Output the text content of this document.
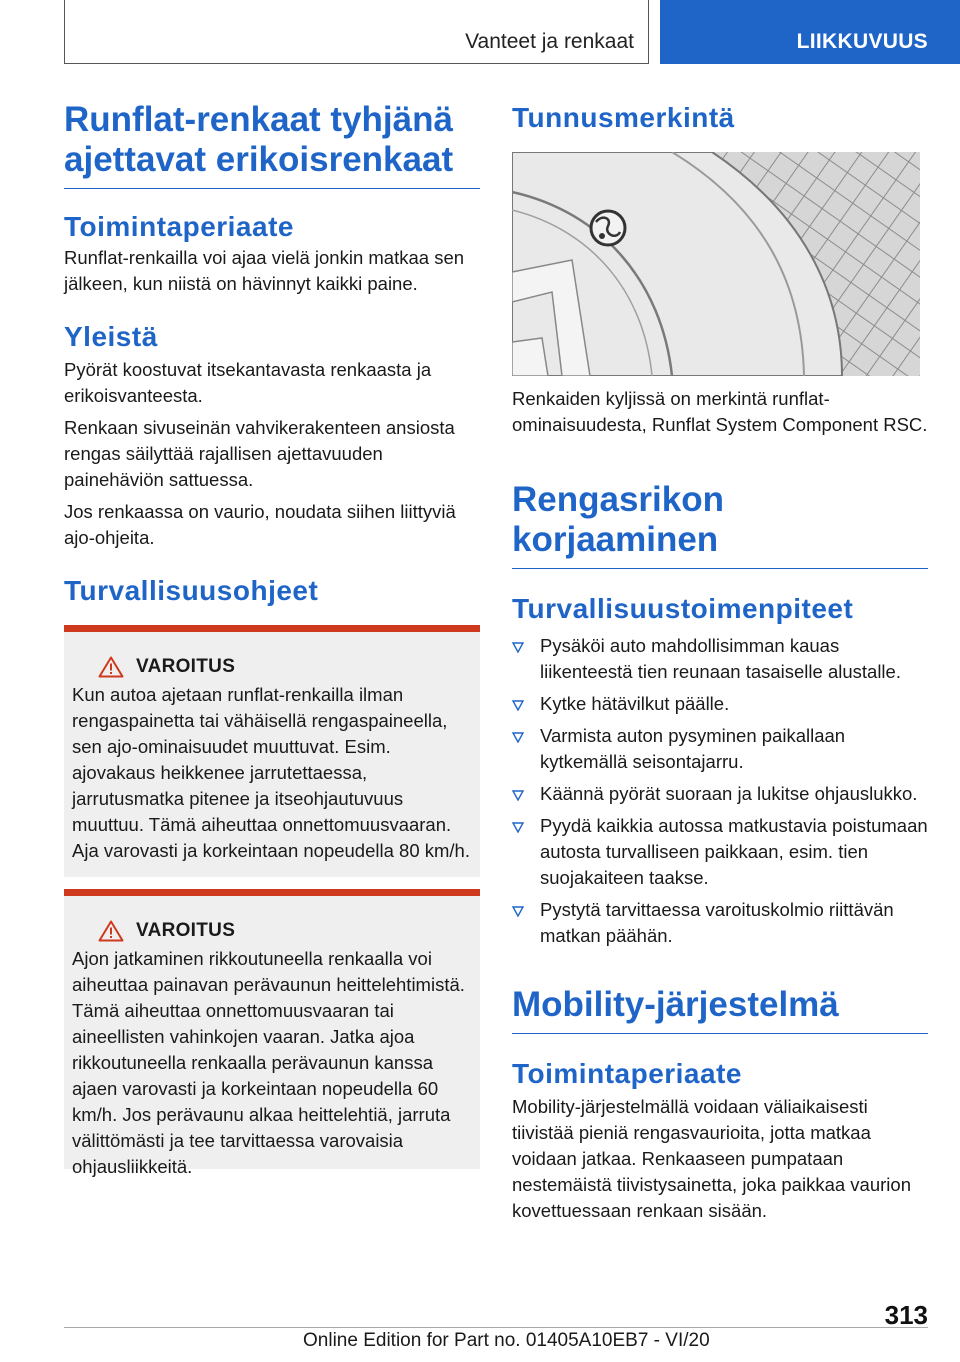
Vanteet ja renkaat	LIIKKUVUUS
Runflat-renkaat tyhjänä ajettavat erikoisrenkaat
Toimintaperiaate

Runflat-renkailla voi ajaa vielä jonkin matkaa sen jälkeen, kun niistä on hävinnyt kaikki paine.

Yleistä

Pyörät koostuvat itsekantavasta renkaasta ja erikoisvanteesta.

Renkaan sivuseinän vahvikerakenteen ansiosta rengas säilyttää rajallisen ajettavuuden painehäviön sattuessa.

Jos renkaassa on vaurio, noudata siihen liittyviä ajo-ohjeita.

Turvallisuusohjeet
VAROITUS

Kun autoa ajetaan runflat-renkailla ilman rengaspainetta tai vähäisellä rengaspaineella, sen ajo-ominaisuudet muuttuvat. Esim. ajovakaus heikkenee jarrutettaessa, jarrutusmatka pitenee ja itseohjautuvuus muuttuu. Tämä aiheuttaa onnettomuusvaaran. Aja varovasti ja korkeintaan nopeudella 80 km/h.

VAROITUS

Ajon jatkaminen rikkoutuneella renkaalla voi aiheuttaa painavan perävaunun heittelehtimistä. Tämä aiheuttaa onnettomuusvaaran tai aineellisten vahinkojen vaaran. Jatka ajoa rikkoutuneella renkaalla perävaunun kanssa ajaen varovasti ja korkeintaan nopeudella 60 km/h. Jos perävaunu alkaa heittelehtiä, jarruta välittömästi ja tee tarvittaessa varovaisia ohjausliikkeitä.

Tunnusmerkintä

Renkaiden kyljissä on merkintä runflat-ominaisuudesta, Runflat System Component RSC.

Rengasrikon korjaaminen
Turvallisuustoimenpiteet
Pysäköi auto mahdollisimman kauas liikenteestä tien reunaan tasaiselle alustalle.
Kytke hätävilkut päälle.
Varmista auton pysyminen paikallaan kytkemällä seisontajarru.
Käännä pyörät suoraan ja lukitse ohjauslukko.
Pyydä kaikkia autossa matkustavia poistumaan autosta turvalliseen paikkaan, esim. tien suojakaiteen taakse.
Pystytä tarvittaessa varoituskolmio riittävän matkan päähän.
Mobility-järjestelmä
Toimintaperiaate

Mobility-järjestelmällä voidaan väliaikaisesti tiivistää pieniä rengasvaurioita, jotta matkaa voidaan jatkaa. Renkaaseen pumpataan nestemäistä tiivistysainetta, joka paikkaa vaurion kovettuessaan renkaan sisään.

313
Online Edition for Part no. 01405A10EB7 - VI/20
